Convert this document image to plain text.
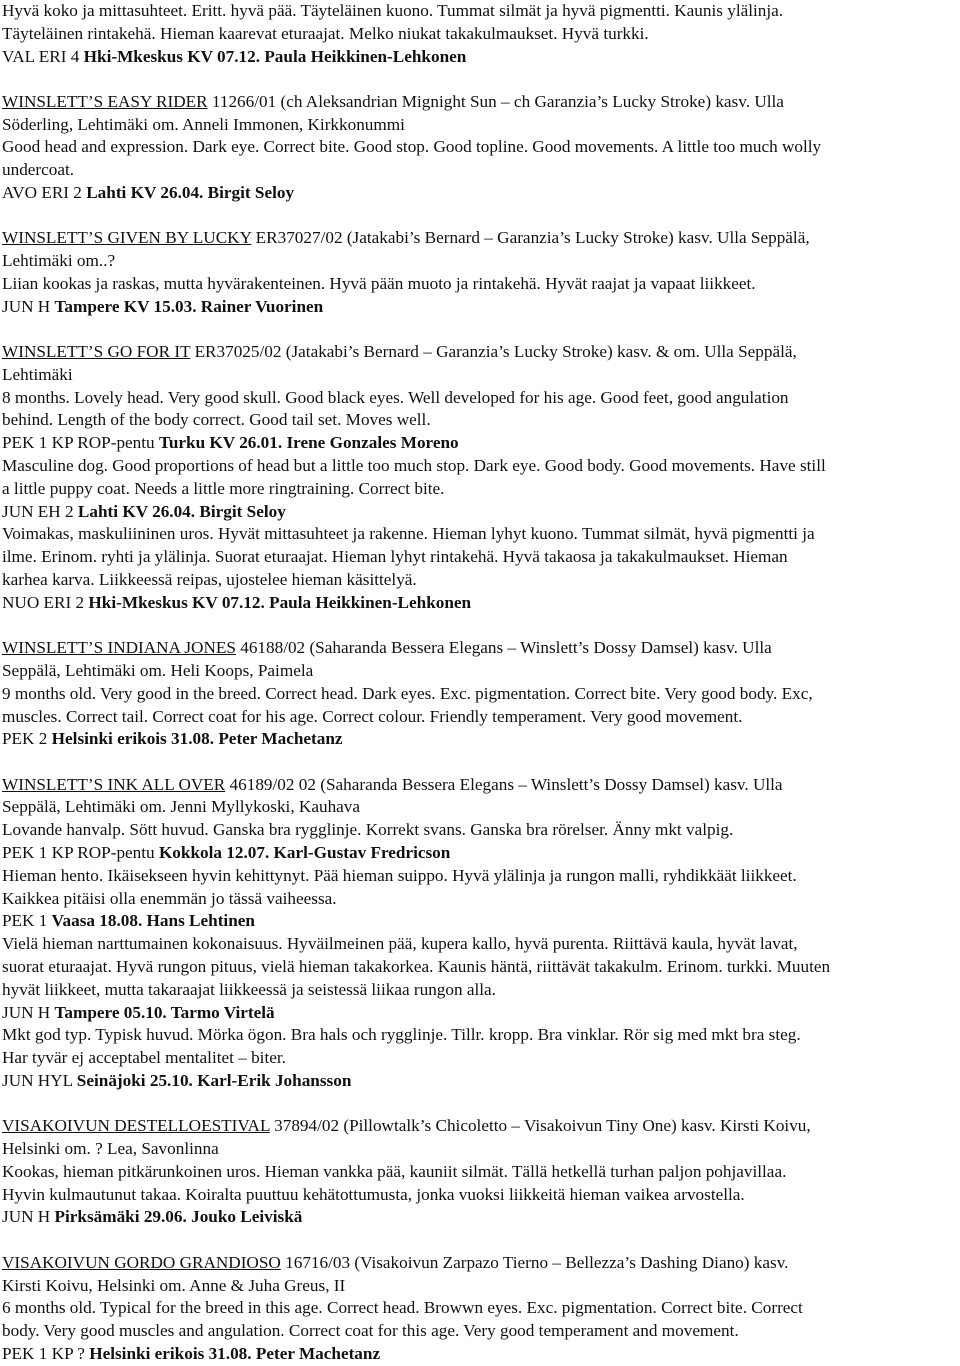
Hyvä koko ja mittasuhteet. Eritt. hyvä pää. Täyteläinen kuono. Tummat silmät ja hyvä pigmentti. Kaunis ylälinja.

Täyteläinen rintakehä. Hieman kaarevat eturaajat. Melko niukat takakulmaukset. Hyvä turkki.

VAL ERI 4 Hki-Mkeskus KV 07.12. Paula Heikkinen-Lehkonen

WINSLETT’S EASY RIDER 11266/01 (ch Aleksandrian Mignight Sun – ch Garanzia’s Lucky Stroke) kasv. Ulla

Söderling, Lehtimäki om. Anneli Immonen, Kirkkonummi

Good head and expression. Dark eye. Correct bite. Good stop. Good topline. Good movements. A little too much wolly

undercoat.

AVO ERI 2 Lahti KV 26.04. Birgit Seloy

WINSLETT’S GIVEN BY LUCKY ER37027/02 (Jatakabi’s Bernard – Garanzia’s Lucky Stroke) kasv. Ulla Seppälä,

Lehtimäki om..?

Liian kookas ja raskas, mutta hyvärakenteinen. Hyvä pään muoto ja rintakehä. Hyvät raajat ja vapaat liikkeet.

JUN H Tampere KV 15.03. Rainer Vuorinen

WINSLETT’S GO FOR IT ER37025/02 (Jatakabi’s Bernard – Garanzia’s Lucky Stroke) kasv. & om. Ulla Seppälä,

Lehtimäki

8 months. Lovely head. Very good skull. Good black eyes. Well developed for his age. Good feet, good angulation

behind. Length of the body correct. Good tail set. Moves well.

PEK 1 KP ROP-pentu Turku KV 26.01. Irene Gonzales Moreno

Masculine dog. Good proportions of head but a little too much stop. Dark eye. Good body. Good movements. Have still

a little puppy coat. Needs a little more ringtraining. Correct bite.

JUN EH 2 Lahti KV 26.04. Birgit Seloy

Voimakas, maskuliininen uros. Hyvät mittasuhteet ja rakenne. Hieman lyhyt kuono. Tummat silmät, hyvä pigmentti ja

ilme. Erinom. ryhti ja ylälinja. Suorat eturaajat. Hieman lyhyt rintakehä. Hyvä takaosa ja takakulmaukset. Hieman

karhea karva. Liikkeessä reipas, ujostelee hieman käsittelyä.

NUO ERI 2 Hki-Mkeskus KV 07.12. Paula Heikkinen-Lehkonen

WINSLETT’S INDIANA JONES 46188/02 (Saharanda Bessera Elegans – Winslett’s Dossy Damsel) kasv. Ulla

Seppälä, Lehtimäki om. Heli Koops, Paimela

9 months old. Very good in the breed. Correct head. Dark eyes. Exc. pigmentation. Correct bite. Very good body. Exc,

muscles. Correct tail. Correct coat for his age. Correct colour. Friendly temperament. Very good movement.

PEK 2 Helsinki erikois 31.08. Peter Machetanz

WINSLETT’S INK ALL OVER 46189/02 02 (Saharanda Bessera Elegans – Winslett’s Dossy Damsel) kasv. Ulla

Seppälä, Lehtimäki om. Jenni Myllykoski, Kauhava

Lovande hanvalp. Sött huvud. Ganska bra rygglinje. Korrekt svans. Ganska bra rörelser. Änny mkt valpig.

PEK 1 KP ROP-pentu Kokkola 12.07. Karl-Gustav Fredricson

Hieman hento. Ikäisekseen hyvin kehittynyt. Pää hieman suippo. Hyvä ylälinja ja rungon malli, ryhdikkäät liikkeet.

Kaikkea pitäisi olla enemmän jo tässä vaiheessa.

PEK 1 Vaasa 18.08. Hans Lehtinen

Vielä hieman narttumainen kokonaisuus. Hyväilmeinen pää, kupera kallo, hyvä purenta. Riittävä kaula, hyvät lavat,

suorat eturaajat. Hyvä rungon pituus, vielä hieman takakorkea. Kaunis häntä, riittävät takakulm. Erinom. turkki. Muuten

hyvät liikkeet, mutta takaraajat liikkeessä ja seistessä liikaa rungon alla.

JUN H Tampere 05.10. Tarmo Virtelä

Mkt god typ. Typisk huvud. Mörka ögon. Bra hals och rygglinje. Tillr. kropp. Bra vinklar. Rör sig med mkt bra steg.

Har tyvär ej acceptabel mentalitet – biter.

JUN HYL Seinäjoki 25.10. Karl-Erik Johansson

VISAKOIVUN DESTELLOESTIVAL 37894/02 (Pillowtalk’s Chicoletto – Visakoivun Tiny One) kasv. Kirsti Koivu,

Helsinki om. ? Lea, Savonlinna

Kookas, hieman pitkärunkoinen uros. Hieman vankka pää, kauniit silmät. Tällä hetkellä turhan paljon pohjavillaa.

Hyvin kulmautunut takaa. Koiralta puuttuu kehätottumusta, jonka vuoksi liikkeitä hieman vaikea arvostella.

JUN H Pirksämäki 29.06. Jouko Leiviskä

VISAKOIVUN GORDO GRANDIOSO 16716/03 (Visakoivun Zarpazo Tierno – Bellezza’s Dashing Diano) kasv.

Kirsti Koivu, Helsinki om. Anne & Juha Greus, II

6 months old. Typical for the breed in this age. Correct head. Browwn eyes. Exc. pigmentation. Correct bite. Correct

body. Very good muscles and angulation. Correct coat for this age. Very good temperament and movement.

PEK 1 KP ? Helsinki erikois 31.08. Peter Machetanz
